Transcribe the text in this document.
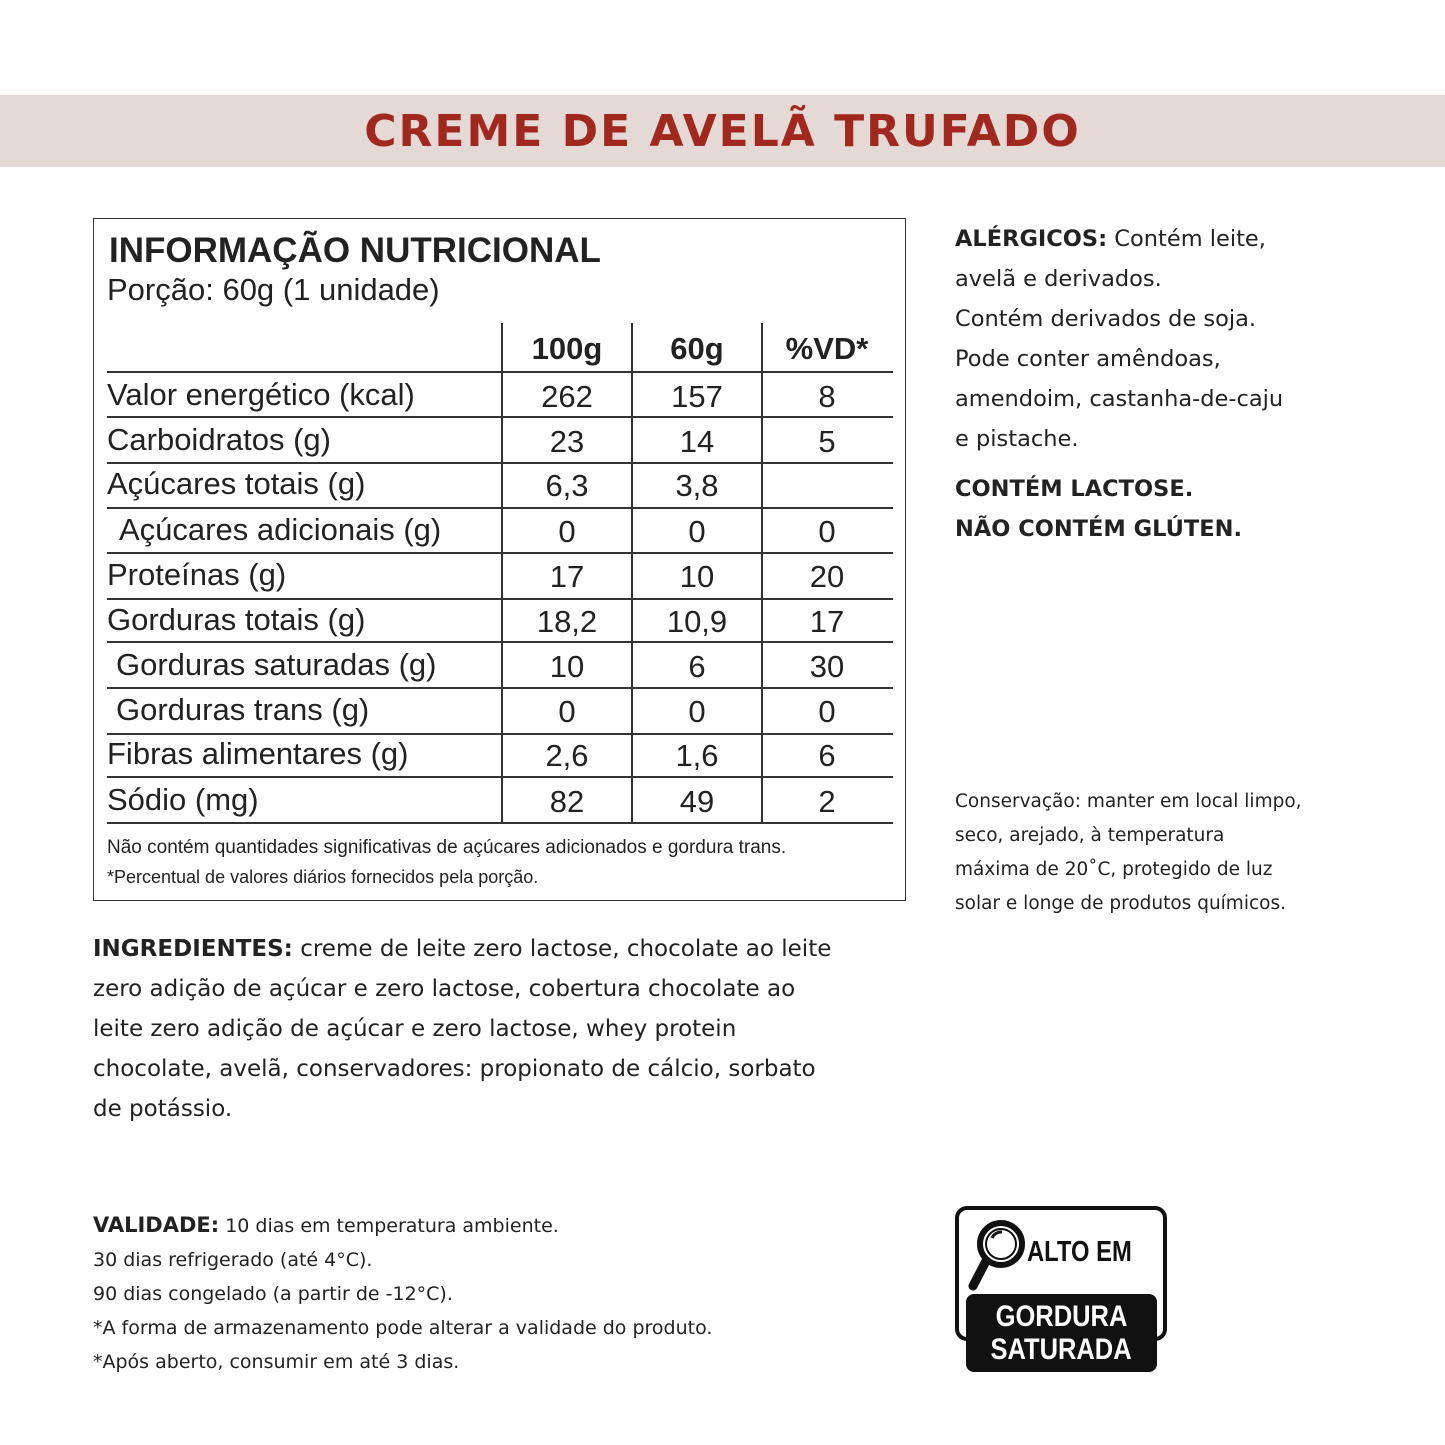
CREME DE AVELÃ TRUFADO
INFORMAÇÃO NUTRICIONAL
Porção: 60g (1 unidade)
100g	60g	%VD*
Valor energético (kcal)	262	157	8
Carboidratos (g)	23	14	5
Açúcares totais (g)	6,3	3,8
Açúcares adicionais (g)	0	0	0
Proteínas (g)	17	10	20
Gorduras totais (g)	18,2	10,9	17
Gorduras saturadas (g)	10	6	30
Gorduras trans (g)	0	0	0
Fibras alimentares (g)	2,6	1,6	6
Sódio (mg)	82	49	2
Não contém quantidades significativas de açúcares adicionados e gordura trans.
*Percentual de valores diários fornecidos pela porção.

ALÉRGICOS: Contém leite,

avelã e derivados.

Contém derivados de soja.

Pode conter amêndoas,

amendoim, castanha-de-caju

e pistache.

CONTÉM LACTOSE.

NÃO CONTÉM GLÚTEN.

Conservação: manter em local limpo,

seco, arejado, à temperatura

máxima de 20˚C, protegido de luz

solar e longe de produtos químicos.

INGREDIENTES: creme de leite zero lactose, chocolate ao leite

zero adição de açúcar e zero lactose, cobertura chocolate ao

leite zero adição de açúcar e zero lactose, whey protein

chocolate, avelã, conservadores: propionato de cálcio, sorbato

de potássio.

VALIDADE: 10 dias em temperatura ambiente.

30 dias refrigerado (até 4°C).

90 dias congelado (a partir de -12°C).

*A forma de armazenamento pode alterar a validade do produto.

*Após aberto, consumir em até 3 dias.

ALTO EM
GORDURA
SATURADA
